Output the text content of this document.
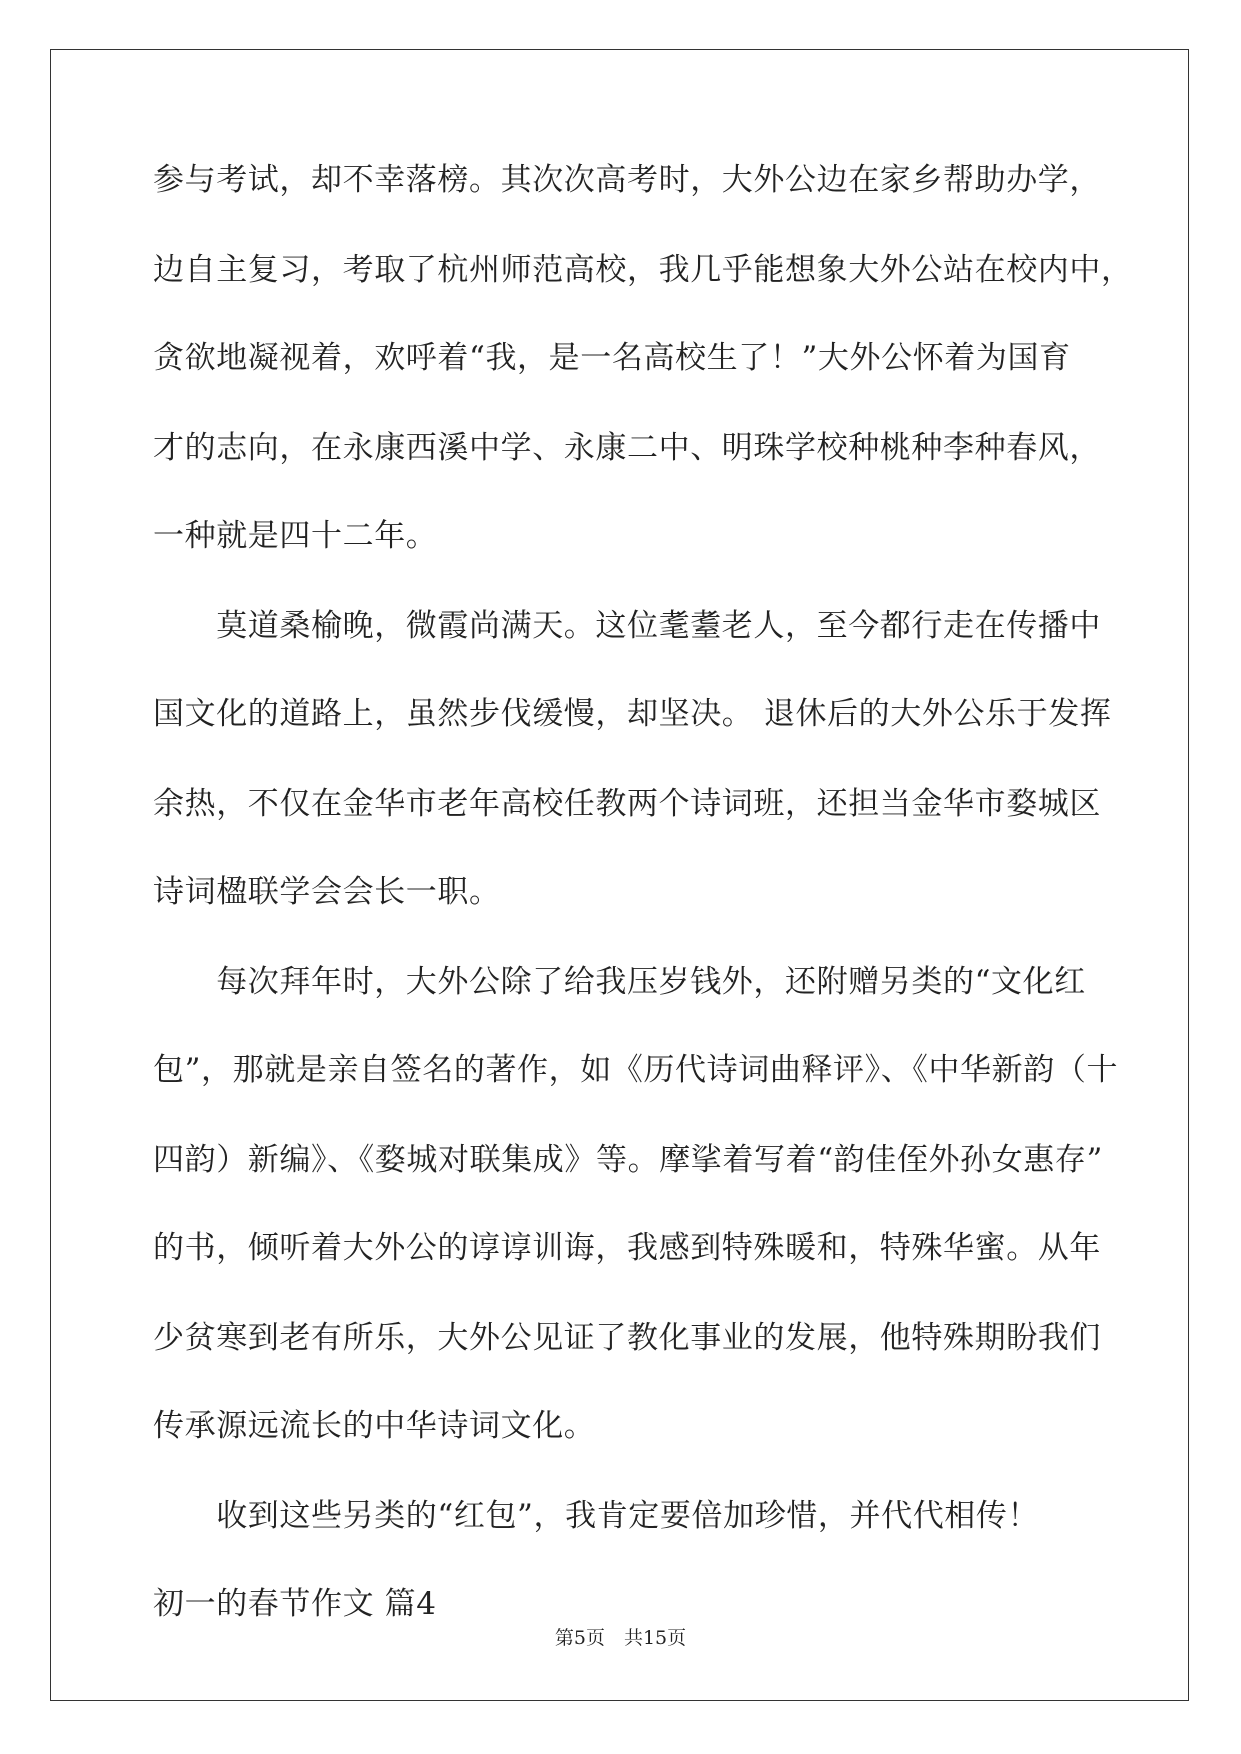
参与考试，却不幸落榜。其次次高考时，大外公边在家乡帮助办学，
边自主复习，考取了杭州师范高校，我几乎能想象大外公站在校内中，
贪欲地凝视着，欢呼着“我，是一名高校生了！”大外公怀着为国育
才的志向，在永康西溪中学、永康二中、明珠学校种桃种李种春风，
一种就是四十二年。
　　莫道桑榆晚，微霞尚满天。这位耄耋老人，至今都行走在传播中
国文化的道路上，虽然步伐缓慢，却坚决。 退休后的大外公乐于发挥
余热，不仅在金华市老年高校任教两个诗词班，还担当金华市婺城区
诗词楹联学会会长一职。
　　每次拜年时，大外公除了给我压岁钱外，还附赠另类的“文化红
包”，那就是亲自签名的著作，如《历代诗词曲释评》、《中华新韵（十
四韵）新编》、《婺城对联集成》等。摩挲着写着“韵佳侄外孙女惠存”
的书，倾听着大外公的谆谆训诲，我感到特殊暖和，特殊华蜜。从年
少贫寒到老有所乐，大外公见证了教化事业的发展，他特殊期盼我们
传承源远流长的中华诗词文化。
　　收到这些另类的“红包”，我肯定要倍加珍惜，并代代相传！
初一的春节作文 篇4
第5页　共15页
